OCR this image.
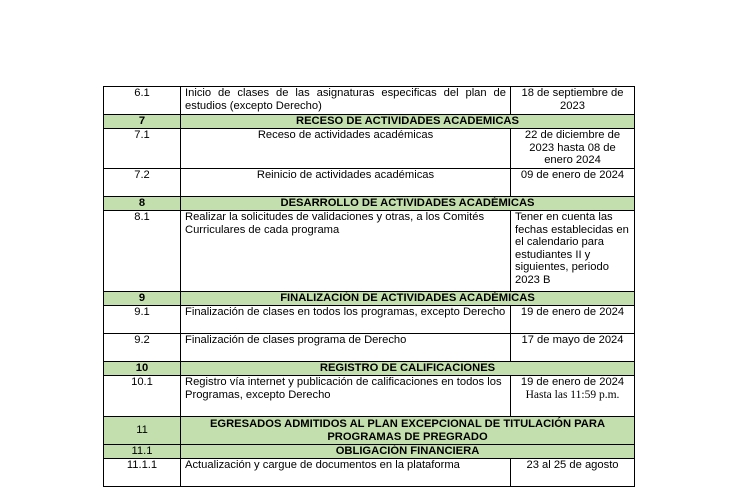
6.1	Inicio de clases de las asignaturas especificas del plan de estudios (excepto Derecho)	18 de septiembre de 2023
7	RECESO DE ACTIVIDADES ACADEMICAS	
7.1	Receso de actividades académicas	22 de diciembre de 2023 hasta 08 de enero 2024
7.2	Reinicio de actividades académicas	09 de enero de 2024
8	DESARROLLO DE ACTIVIDADES ACADÉMICAS	
8.1	Realizar la solicitudes de validaciones y otras, a los Comités Curriculares de cada programa	Tener en cuenta las fechas establecidas en el calendario para estudiantes II y siguientes, periodo 2023 B
9	FINALIZACIÓN DE ACTIVIDADES ACADÉMICAS	
9.1	Finalización de clases en todos los programas, excepto Derecho	19 de enero de 2024
9.2	Finalización de clases programa de Derecho	17 de mayo de 2024
10	REGISTRO DE CALIFICACIONES	
10.1	Registro vía internet y publicación de calificaciones en todos los Programas, excepto Derecho	19 de enero de 2024
Hasta las 11:59 p.m.

11	EGRESADOS ADMITIDOS AL PLAN EXCEPCIONAL DE TITULACIÓN PARA PROGRAMAS DE PREGRADO	
11.1	OBLIGACIÓN FINANCIERA	
11.1.1	Actualización y cargue de documentos en la plataforma	23 al 25 de agosto
